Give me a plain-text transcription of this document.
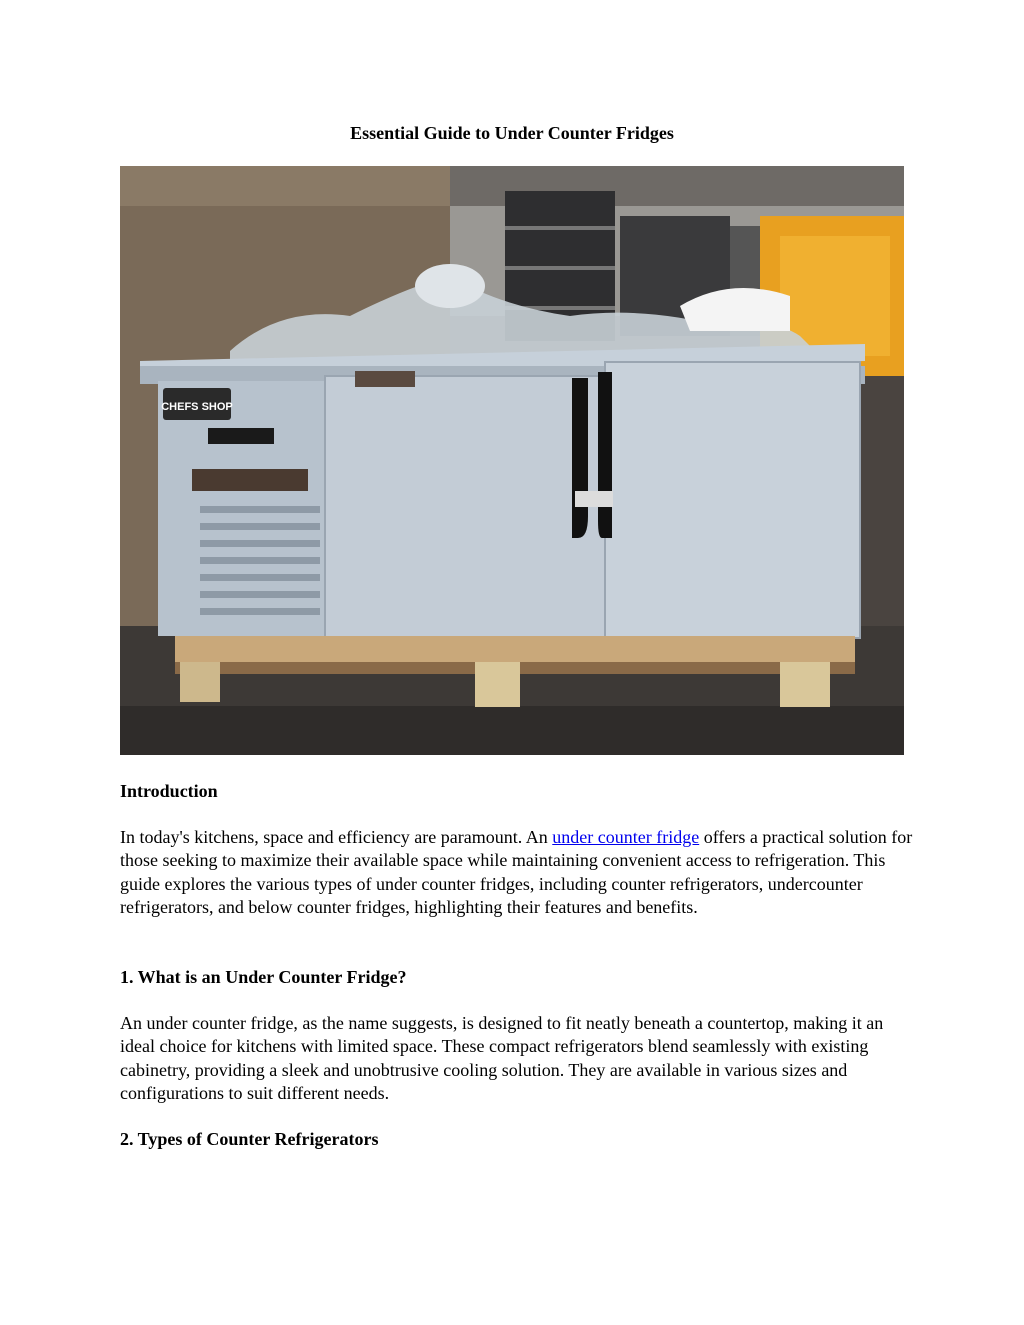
Essential Guide to Under Counter Fridges
CHEFS SHOP
Introduction

In today's kitchens, space and efficiency are paramount. An under counter fridge offers a practical solution for those seeking to maximize their available space while maintaining convenient access to refrigeration. This guide explores the various types of under counter fridges, including counter refrigerators, undercounter refrigerators, and below counter fridges, highlighting their features and benefits.

1. What is an Under Counter Fridge?

An under counter fridge, as the name suggests, is designed to fit neatly beneath a countertop, making it an ideal choice for kitchens with limited space. These compact refrigerators blend seamlessly with existing cabinetry, providing a sleek and unobtrusive cooling solution. They are available in various sizes and configurations to suit different needs.

2. Types of Counter Refrigerators
